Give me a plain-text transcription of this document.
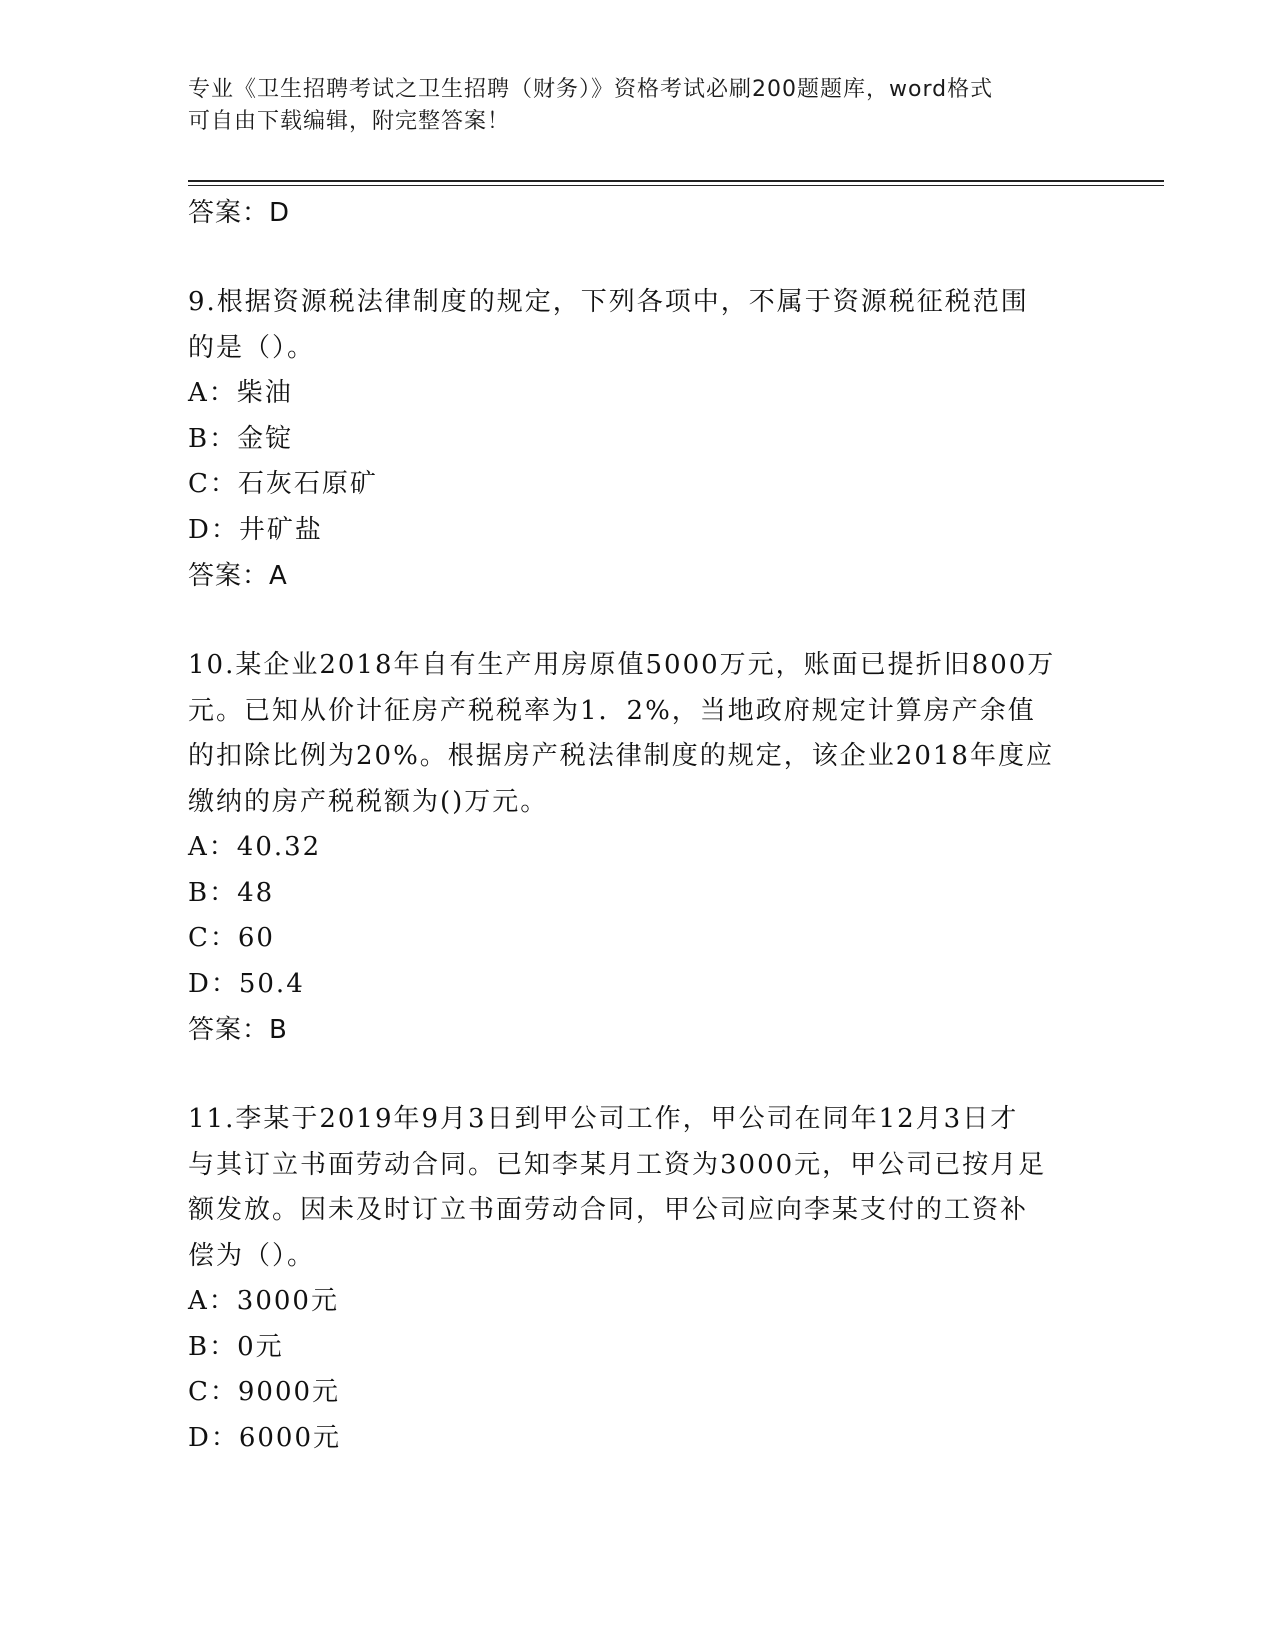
专业《卫生招聘考试之卫生招聘（财务）》资格考试必刷200题题库，word格式
可自由下载编辑，附完整答案！

答案：D

9.根据资源税法律制度的规定，下列各项中，不属于资源税征税范围

的是（）。

A：柴油

B：金锭

C：石灰石原矿

D：井矿盐

答案：A

10.某企业2018年自有生产用房原值5000万元，账面已提折旧800万

元。已知从价计征房产税税率为1．2%，当地政府规定计算房产余值

的扣除比例为20%。根据房产税法律制度的规定，该企业2018年度应

缴纳的房产税税额为()万元。

A：40.32

B：48

C：60

D：50.4

答案：B

11.李某于2019年9月3日到甲公司工作，甲公司在同年12月3日才

与其订立书面劳动合同。已知李某月工资为3000元，甲公司已按月足

额发放。因未及时订立书面劳动合同，甲公司应向李某支付的工资补

偿为（）。

A：3000元

B：0元

C：9000元

D：6000元
